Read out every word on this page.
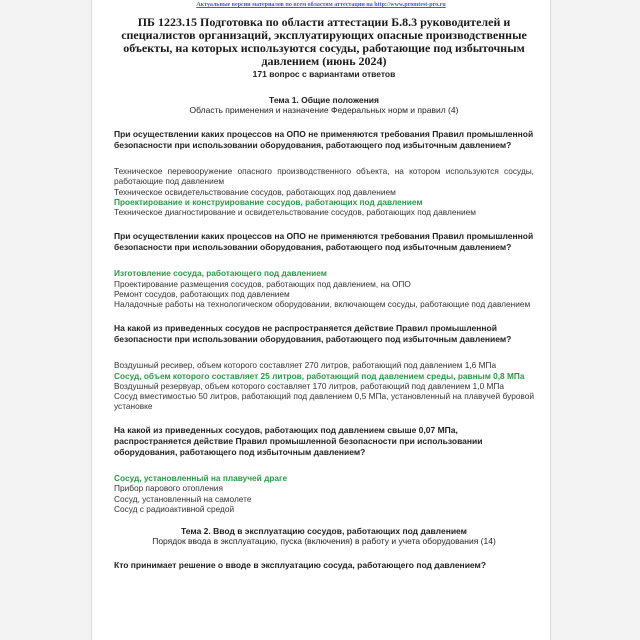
Актуальные версии материалов по всем областям аттестации на http://www.promtest-pro.ru
ПБ 1223.15 Подготовка по области аттестации Б.8.3 руководителей и специалистов организаций, эксплуатирующих опасные производственные объекты, на которых используются сосуды, работающие под избыточным давлением (июнь 2024)
171 вопрос с вариантами ответов
Тема 1. Общие положения
Область применения и назначение Федеральных норм и правил (4)
При осуществлении каких процессов на ОПО не применяются требования Правил промышленной безопасности при использовании оборудования, работающего под избыточным давлением?
Техническое перевооружение опасного производственного объекта, на котором используются сосуды, работающие под давлением
Техническое освидетельствование сосудов, работающих под давлением
Проектирование и конструирование сосудов, работающих под давлением
Техническое диагностирование и освидетельствование сосудов, работающих под давлением
При осуществлении каких процессов на ОПО не применяются требования Правил промышленной безопасности при использовании оборудования, работающего под избыточным давлением?
Изготовление сосуда, работающего под давлением
Проектирование размещения сосудов, работающих под давлением, на ОПО
Ремонт сосудов, работающих под давлением
Наладочные работы на технологическом оборудовании, включающем сосуды, работающие под давлением
На какой из приведенных сосудов не распространяется действие Правил промышленной безопасности при использовании оборудования, работающего под избыточным давлением?
Воздушный ресивер, объем которого составляет 270 литров, работающий под давлением 1,6 МПа
Сосуд, объем которого составляет 25 литров, работающий под давлением среды, равным 0,8 МПа
Воздушный резервуар, объем которого составляет 170 литров, работающий под давлением 1,0 МПа
Сосуд вместимостью 50 литров, работающий под давлением 0,5 МПа, установленный на плавучей буровой установке
На какой из приведенных сосудов, работающих под давлением свыше 0,07 МПа, распространяется действие Правил промышленной безопасности при использовании оборудования, работающего под избыточным давлением?
Сосуд, установленный на плавучей драге
Прибор парового отопления
Сосуд, установленный на самолете
Сосуд с радиоактивной средой
Тема 2. Ввод в эксплуатацию сосудов, работающих под давлением
Порядок ввода в эксплуатацию, пуска (включения) в работу и учета оборудования (14)
Кто принимает решение о вводе в эксплуатацию сосуда, работающего под давлением?
